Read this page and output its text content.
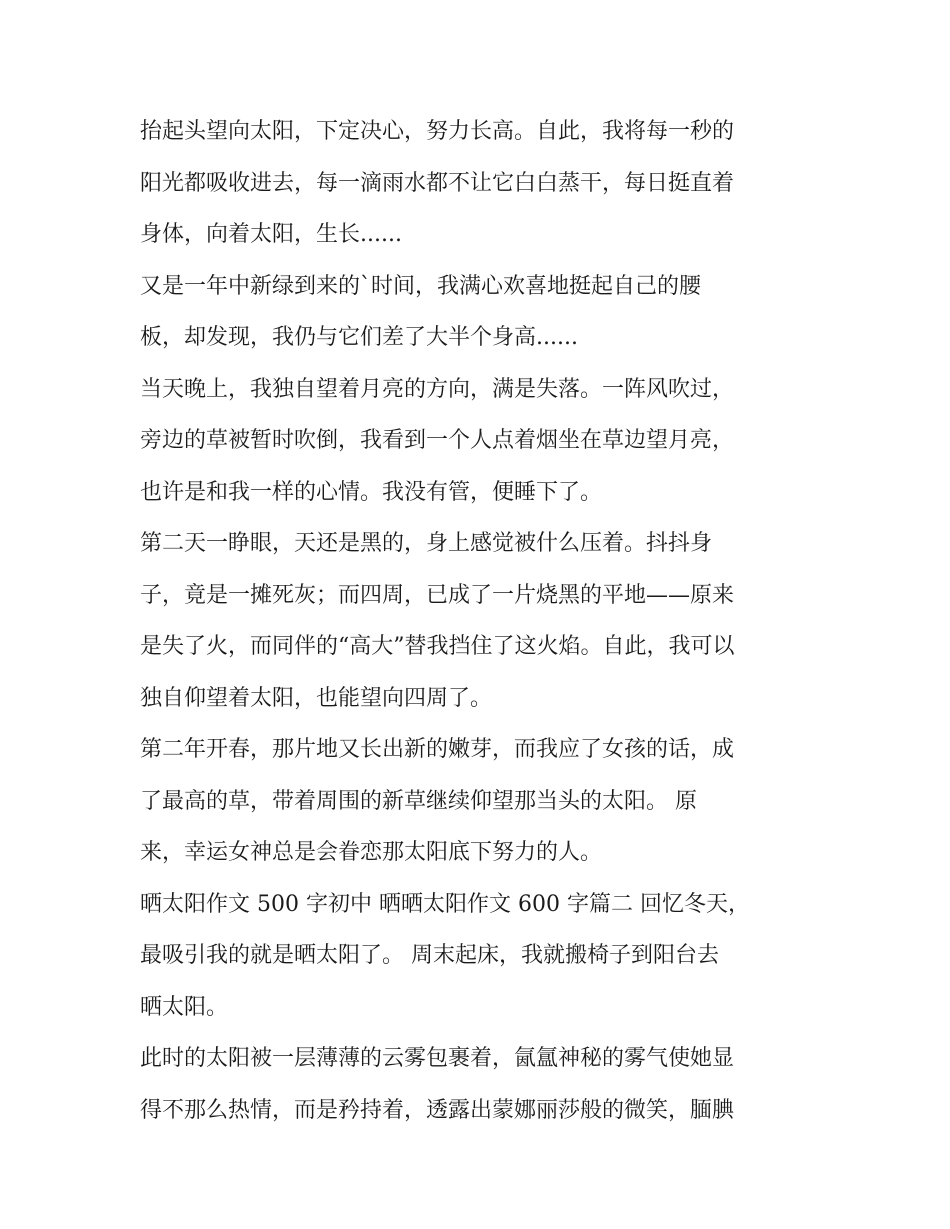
抬起头望向太阳，下定决心，努力长高。自此，我将每一秒的
阳光都吸收进去，每一滴雨水都不让它白白蒸干，每日挺直着
身体，向着太阳，生长......
又是一年中新绿到来的`时间，我满心欢喜地挺起自己的腰
板，却发现，我仍与它们差了大半个身高......
当天晚上，我独自望着月亮的方向，满是失落。一阵风吹过，
旁边的草被暂时吹倒，我看到一个人点着烟坐在草边望月亮，
也许是和我一样的心情。我没有管，便睡下了。
第二天一睁眼，天还是黑的，身上感觉被什么压着。抖抖身
子，竟是一摊死灰；而四周，已成了一片烧黑的平地——原来
是失了火，而同伴的“高大”替我挡住了这火焰。自此，我可以
独自仰望着太阳，也能望向四周了。
第二年开春，那片地又长出新的嫩芽，而我应了女孩的话，成
了最高的草，带着周围的新草继续仰望那当头的太阳。 原
来，幸运女神总是会眷恋那太阳底下努力的人。
晒太阳作文 500 字初中 晒晒太阳作文 600 字篇二 回忆冬天，
最吸引我的就是晒太阳了。 周末起床，我就搬椅子到阳台去
晒太阳。
此时的太阳被一层薄薄的云雾包裹着，氤氲神秘的雾气使她显
得不那么热情，而是矜持着，透露出蒙娜丽莎般的微笑，腼腆
